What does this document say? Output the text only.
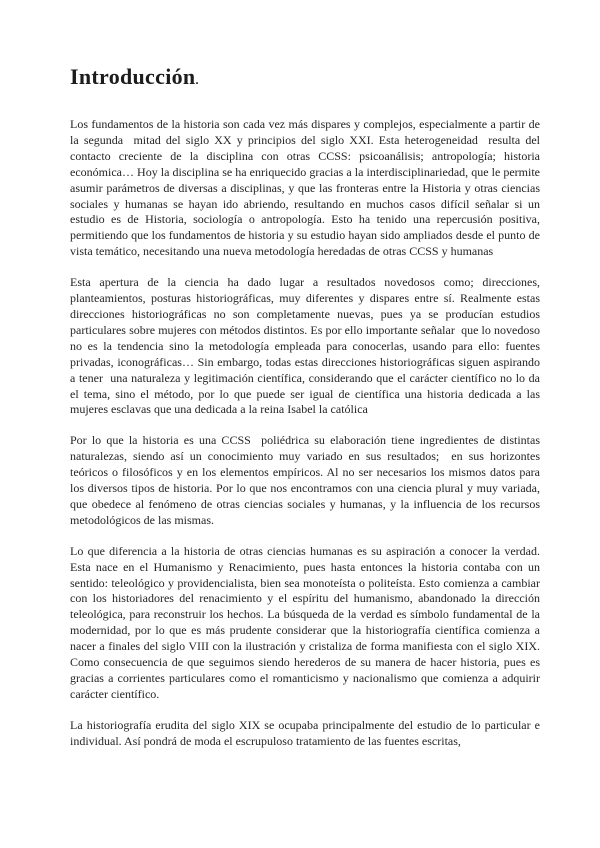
Introducción.

Los fundamentos de la historia son cada vez más dispares y complejos, especialmente a partir de la segunda  mitad del siglo XX y principios del siglo XXI. Esta heterogeneidad  resulta del contacto creciente de la disciplina con otras CCSS: psicoanálisis; antropología; historia económica… Hoy la disciplina se ha enriquecido gracias a la interdisciplinariedad, que le permite asumir parámetros de diversas a disciplinas, y que las fronteras entre la Historia y otras ciencias sociales y humanas se hayan ido abriendo, resultando en muchos casos difícil señalar si un estudio es de Historia, sociología o antropología. Esto ha tenido una repercusión positiva, permitiendo que los fundamentos de historia y su estudio hayan sido ampliados desde el punto de vista temático, necesitando una nueva metodología heredadas de otras CCSS y humanas

Esta apertura de la ciencia ha dado lugar a resultados novedosos como; direcciones, planteamientos, posturas historiográficas, muy diferentes y dispares entre sí. Realmente estas direcciones historiográficas no son completamente nuevas, pues ya se producían estudios particulares sobre mujeres con métodos distintos. Es por ello importante señalar  que lo novedoso no es la tendencia sino la metodología empleada para conocerlas, usando para ello: fuentes privadas, iconográficas… Sin embargo, todas estas direcciones historiográficas siguen aspirando a tener  una naturaleza y legitimación científica, considerando que el carácter científico no lo da el tema, sino el método, por lo que puede ser igual de científica una historia dedicada a las mujeres esclavas que una dedicada a la reina Isabel la católica

Por lo que la historia es una CCSS  poliédrica su elaboración tiene ingredientes de distintas naturalezas, siendo así un conocimiento muy variado en sus resultados;  en sus horizontes teóricos o filosóficos y en los elementos empíricos. Al no ser necesarios los mismos datos para los diversos tipos de historia. Por lo que nos encontramos con una ciencia plural y muy variada, que obedece al fenómeno de otras ciencias sociales y humanas, y la influencia de los recursos metodológicos de las mismas.

Lo que diferencia a la historia de otras ciencias humanas es su aspiración a conocer la verdad. Esta nace en el Humanismo y Renacimiento, pues hasta entonces la historia contaba con un sentido: teleológico y providencialista, bien sea monoteísta o politeísta. Esto comienza a cambiar con los historiadores del renacimiento y el espíritu del humanismo, abandonado la dirección teleológica, para reconstruir los hechos. La búsqueda de la verdad es símbolo fundamental de la modernidad, por lo que es más prudente considerar que la historiografía científica comienza a nacer a finales del siglo VIII con la ilustración y cristaliza de forma manifiesta con el siglo XIX. Como consecuencia de que seguimos siendo herederos de su manera de hacer historia, pues es gracias a corrientes particulares como el romanticismo y nacionalismo que comienza a adquirir carácter científico.

La historiografía erudita del siglo XIX se ocupaba principalmente del estudio de lo particular e individual. Así pondrá de moda el escrupuloso tratamiento de las fuentes escritas,
